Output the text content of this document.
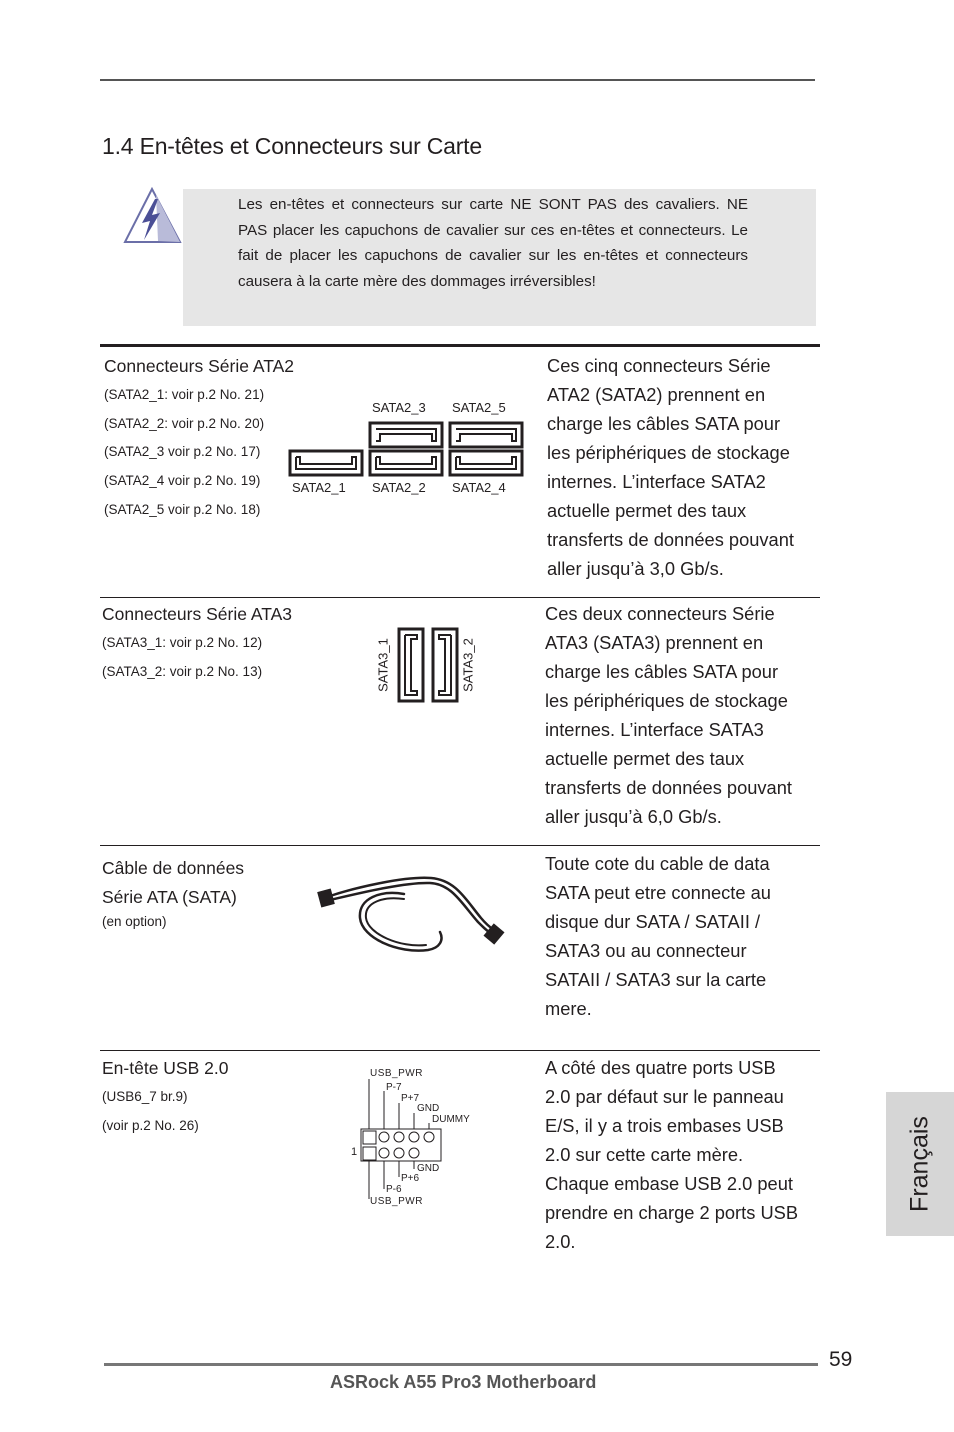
1.4 En-têtes et Connecteurs sur Carte
Les en-têtes et connecteurs sur carte NE SONT PAS des cavaliers. NE PAS placer les capuchons de cavalier sur ces en-têtes et connecteurs. Le fait de placer les capuchons de cavalier sur les en-têtes et connecteurs causera à la carte mère des dommages irréversibles!
Connecteurs Série ATA2
(SATA2_1: voir p.2 No. 21)
(SATA2_2: voir p.2 No. 20)
(SATA2_3 voir p.2 No. 17)
(SATA2_4 voir p.2 No. 19)
(SATA2_5 voir p.2 No. 18)
SATA2_3 SATA2_5
SATA2_1 SATA2_2 SATA2_4
Ces cinq connecteurs Série
ATA2 (SATA2) prennent en
charge les câbles SATA pour
les périphériques de stockage
internes. L’interface SATA2
actuelle permet des taux
transferts de données pouvant
aller jusqu’à 3,0 Gb/s.
Connecteurs Série ATA3
(SATA3_1: voir p.2 No. 12)
(SATA3_2: voir p.2 No. 13)	SATA3_1	SATA3_2
Ces deux connecteurs Série
ATA3 (SATA3) prennent en
charge les câbles SATA pour
les périphériques de stockage
internes. L’interface SATA3
actuelle permet des taux
transferts de données pouvant
aller jusqu’à 6,0 Gb/s.
Câble de données
Série ATA (SATA)
(en option)
Toute cote du cable de data
SATA peut etre connecte au
disque dur SATA / SATAII /
SATA3 ou au connecteur
SATAII / SATA3 sur la carte
mere.
En-tête USB 2.0
(USB6_7 br.9)
(voir p.2 No. 26)
USB_PWR
P-7
P+7
GND
DUMMY
1
GND
P+6
P-6
USB_PWR
A côté des quatre ports USB
2.0 par défaut sur le panneau
E/S, il y a trois embases USB
2.0 sur cette carte mère.
Chaque embase USB 2.0 peut
prendre en charge 2 ports USB
2.0.
Français
59
ASRock A55 Pro3 Motherboard
